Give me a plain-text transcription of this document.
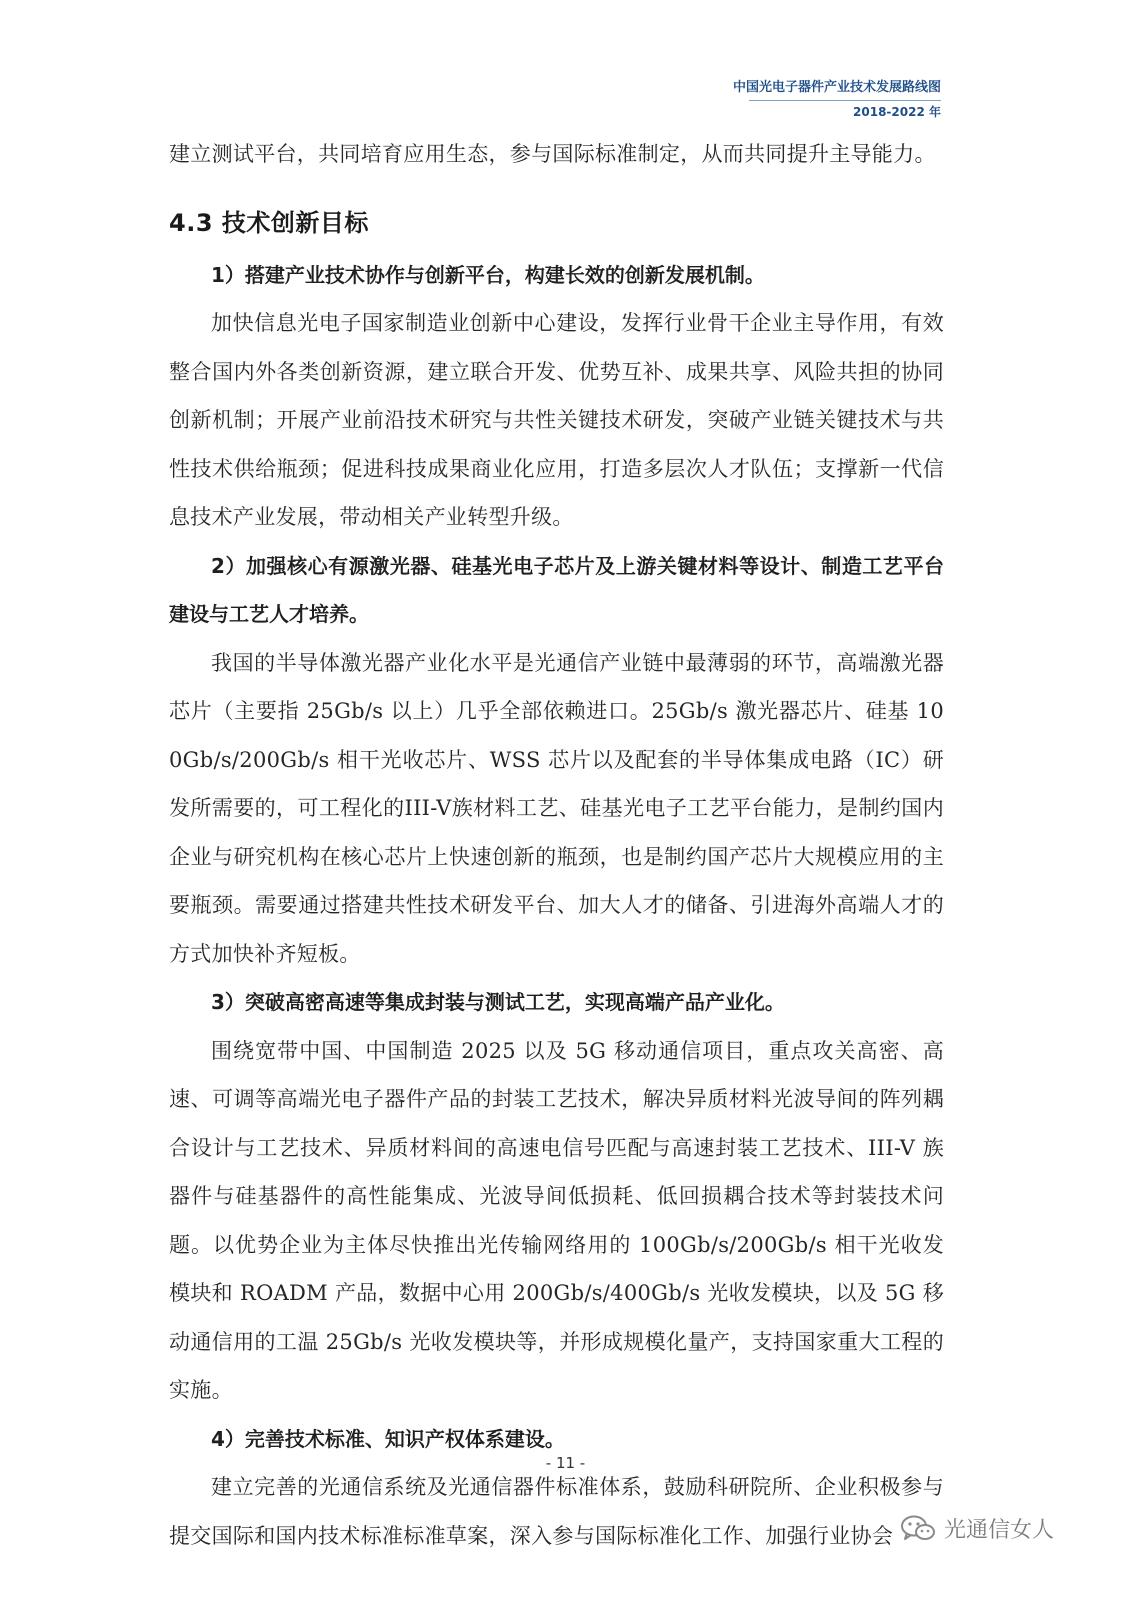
中国光电子器件产业技术发展路线图
2018-2022 年

建立测试平台，共同培育应用生态，参与国际标准制定，从而共同提升主导能力。

4.3 技术创新目标

1）搭建产业技术协作与创新平台，构建长效的创新发展机制。

加快信息光电子国家制造业创新中心建设，发挥行业骨干企业主导作用，有效整合国内外各类创新资源，建立联合开发、优势互补、成果共享、风险共担的协同创新机制；开展产业前沿技术研究与共性关键技术研发，突破产业链关键技术与共性技术供给瓶颈；促进科技成果商业化应用，打造多层次人才队伍；支撑新一代信息技术产业发展，带动相关产业转型升级。

2）加强核心有源激光器、硅基光电子芯片及上游关键材料等设计、制造工艺平台建设与工艺人才培养。

我国的半导体激光器产业化水平是光通信产业链中最薄弱的环节，高端激光器芯片（主要指 25Gb/s 以上）几乎全部依赖进口。25Gb/s 激光器芯片、硅基 100Gb/s/200Gb/s 相干光收芯片、WSS 芯片以及配套的半导体集成电路（IC）研发所需要的，可工程化的III-V族材料工艺、硅基光电子工艺平台能力，是制约国内企业与研究机构在核心芯片上快速创新的瓶颈，也是制约国产芯片大规模应用的主要瓶颈。需要通过搭建共性技术研发平台、加大人才的储备、引进海外高端人才的方式加快补齐短板。

3）突破高密高速等集成封装与测试工艺，实现高端产品产业化。

围绕宽带中国、中国制造 2025 以及 5G 移动通信项目，重点攻关高密、高速、可调等高端光电子器件产品的封装工艺技术，解决异质材料光波导间的阵列耦合设计与工艺技术、异质材料间的高速电信号匹配与高速封装工艺技术、III-V 族器件与硅基器件的高性能集成、光波导间低损耗、低回损耦合技术等封装技术问题。以优势企业为主体尽快推出光传输网络用的 100Gb/s/200Gb/s 相干光收发模块和 ROADM 产品，数据中心用 200Gb/s/400Gb/s 光收发模块，以及 5G 移动通信用的工温 25Gb/s 光收发模块等，并形成规模化量产，支持国家重大工程的实施。

4）完善技术标准、知识产权体系建设。

建立完善的光通信系统及光通信器件标准体系，鼓励科研院所、企业积极参与提交国际和国内技术标准标准草案，深入参与国际标准化工作、加强行业协会

- 11 -
光通信女人
